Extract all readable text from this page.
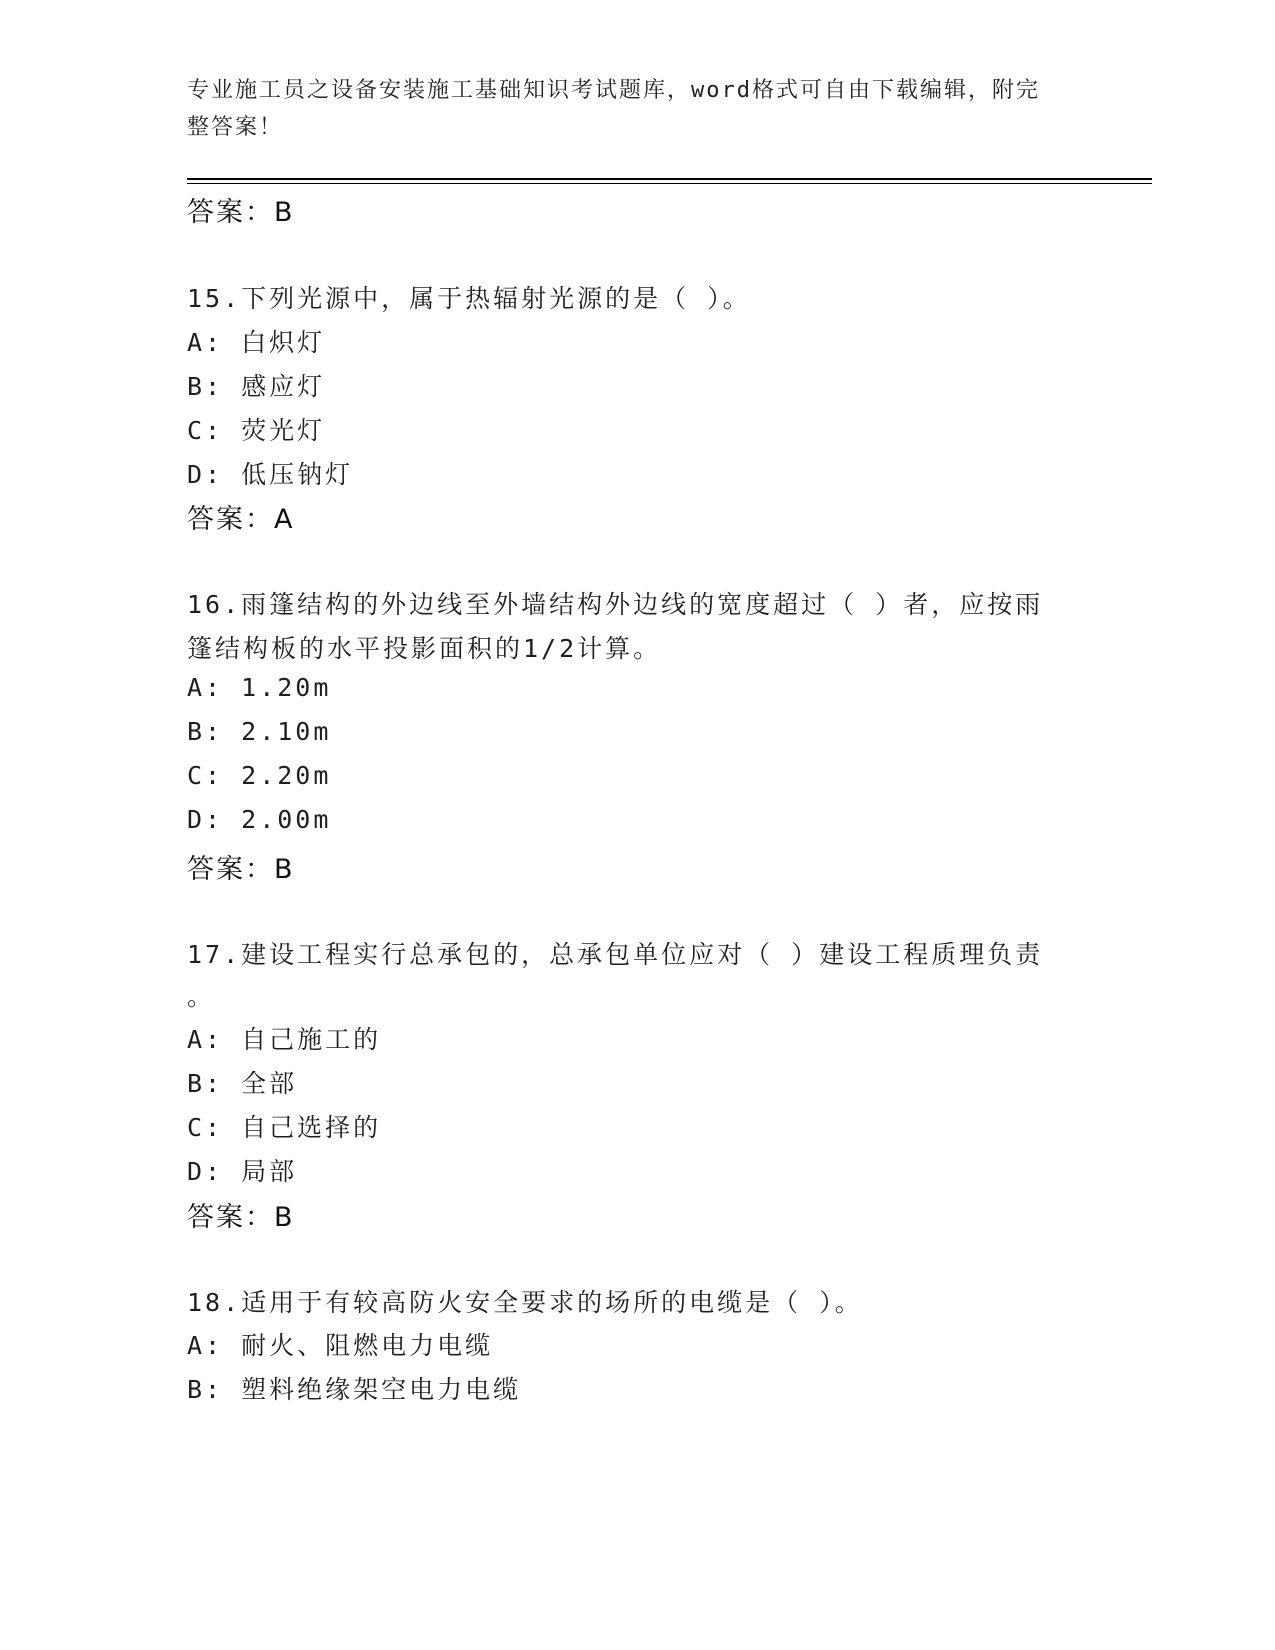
专业施工员之设备安装施工基础知识考试题库，word格式可自由下载编辑，附完
整答案！
答案：B
15.下列光源中，属于热辐射光源的是（ ）。
A: 白炽灯
B: 感应灯
C: 荧光灯
D: 低压钠灯
答案：A
16.雨篷结构的外边线至外墙结构外边线的宽度超过（ ）者，应按雨
篷结构板的水平投影面积的1/2计算。
A: 1.20m
B: 2.10m
C: 2.20m
D: 2.00m
答案：B
17.建设工程实行总承包的，总承包单位应对（ ）建设工程质理负责
。
A: 自己施工的
B: 全部
C: 自己选择的
D: 局部
答案：B
18.适用于有较高防火安全要求的场所的电缆是（ ）。
A: 耐火、阻燃电力电缆
B: 塑料绝缘架空电力电缆
